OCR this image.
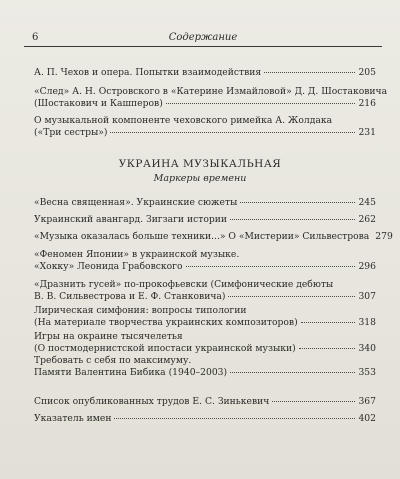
6	Содержание
А. П. Чехов и опера. Попытки взаимодействия	205
«След» А. Н. Островского в «Катерине Измайловой» Д. Д. Шостаковича
(Шостакович и Кашперов)	216
О музыкальной компоненте чеховского римейка А. Жолдака
(«Три сестры»)	231
УКРАИНА МУЗЫКАЛЬНАЯ
Маркеры времени
«Весна священная». Украинские сюжеты	245
Украинский авангард. Зигзаги истории	262
«Музыка оказалась больше техники...» О «Мистерии» Сильвестрова 279
«Феномен Японии» в украинской музыке.
«Хокку» Леонида Грабовского	296
«Дразнить гусей» по-прокофьевски (Симфонические дебюты
В. В. Сильвестрова и Е. Ф. Станковича)	307
Лирическая симфония: вопросы типологии
(На материале творчества украинских композиторов)	318
Игры на окраине тысячелетья
(О постмодернистской ипостаси украинской музыки)	340
Требовать с себя по максимуму.
Памяти Валентина Бибика (1940–2003)	353
Список опубликованных трудов Е. С. Зинькевич	367
Указатель имен	402
